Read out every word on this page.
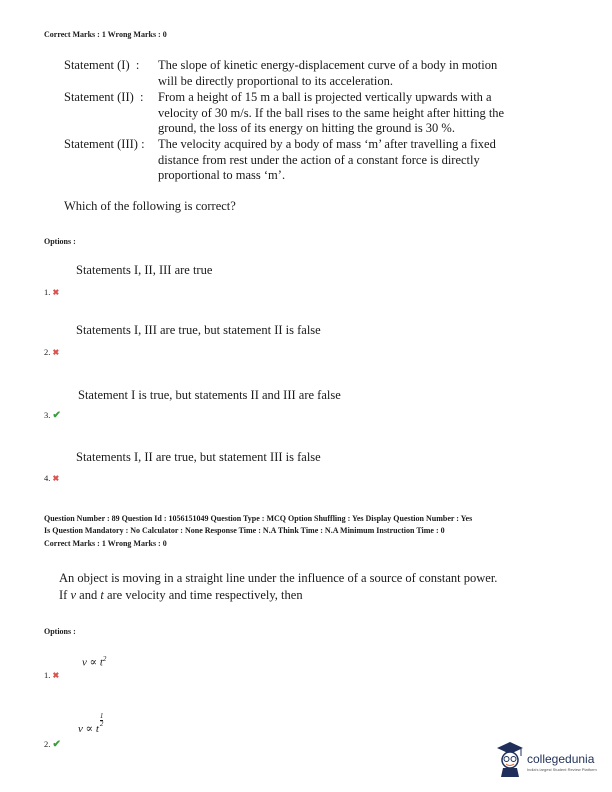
Correct Marks : 1 Wrong Marks : 0
Statement (I) : The slope of kinetic energy-displacement curve of a body in motion
will be directly proportional to its acceleration.
Statement (II) : From a height of 15 m a ball is projected vertically upwards with a
velocity of 30 m/s. If the ball rises to the same height after hitting the
ground, the loss of its energy on hitting the ground is 30 %.
Statement (III) : The velocity acquired by a body of mass ‘m’ after travelling a fixed
distance from rest under the action of a constant force is directly
proportional to mass ‘m’.
Which of the following is correct?
Options :
Statements I, II, III are true
1. ✖
Statements I, III are true, but statement II is false
2. ✖
Statement I is true, but statements II and III are false
3. ✔
Statements I, II are true, but statement III is false
4. ✖
Question Number : 89 Question Id : 1056151049 Question Type : MCQ Option Shuffling : Yes Display Question Number : Yes
Is Question Mandatory : No Calculator : None Response Time : N.A Think Time : N.A Minimum Instruction Time : 0
Correct Marks : 1 Wrong Marks : 0
An object is moving in a straight line under the influence of a source of constant power.
If v and t are velocity and time respectively, then
Options :
$v \propto t^2$
1. ✖
v ∝ t
$\frac{1}{2}$
2. ✔
collegedunia
India's largest Student Review Platform
